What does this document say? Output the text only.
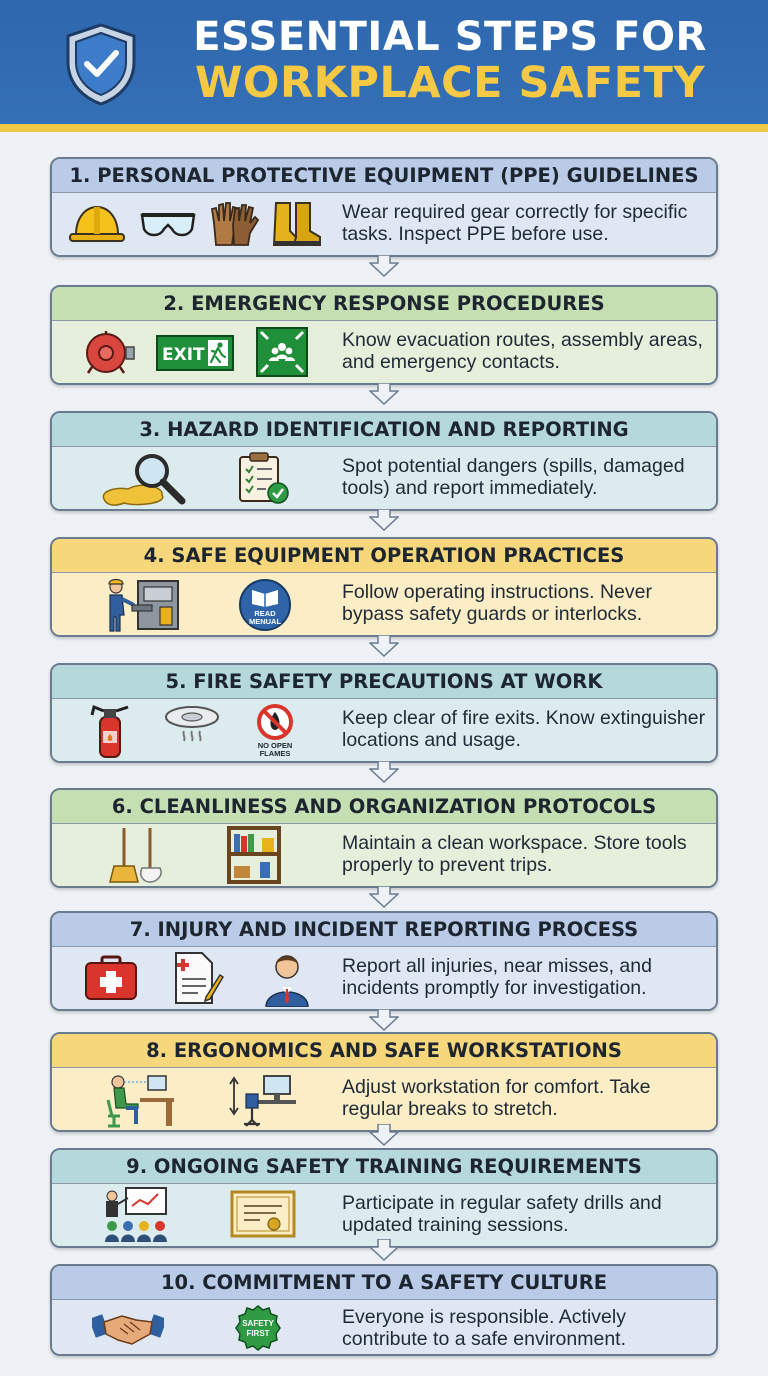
ESSENTIAL STEPS FOR
WORKPLACE SAFETY
1. PERSONAL PROTECTIVE EQUIPMENT (PPE) GUIDELINES
Wear required gear correctly for specific tasks. Inspect PPE before use.
2. EMERGENCY RESPONSE PROCEDURES
EXIT
Know evacuation routes, assembly areas, and emergency contacts.
3. HAZARD IDENTIFICATION AND REPORTING
Spot potential dangers (spills, damaged tools) and report immediately.
4. SAFE EQUIPMENT OPERATION PRACTICES
READ
MENUAL
Follow operating instructions. Never bypass safety guards or interlocks.
5. FIRE SAFETY PRECAUTIONS AT WORK
NO OPEN
FLAMES
Keep clear of fire exits. Know extinguisher locations and usage.
6. CLEANLINESS AND ORGANIZATION PROTOCOLS
Maintain a clean workspace. Store tools properly to prevent trips.
7. INJURY AND INCIDENT REPORTING PROCESS
Report all injuries, near misses, and incidents promptly for investigation.
8. ERGONOMICS AND SAFE WORKSTATIONS
Adjust workstation for comfort. Take regular breaks to stretch.
9. ONGOING SAFETY TRAINING REQUIREMENTS
Participate in regular safety drills and updated training sessions.
10. COMMITMENT TO A SAFETY CULTURE
SAFETY
FIRST
Everyone is responsible. Actively contribute to a safe environment.
